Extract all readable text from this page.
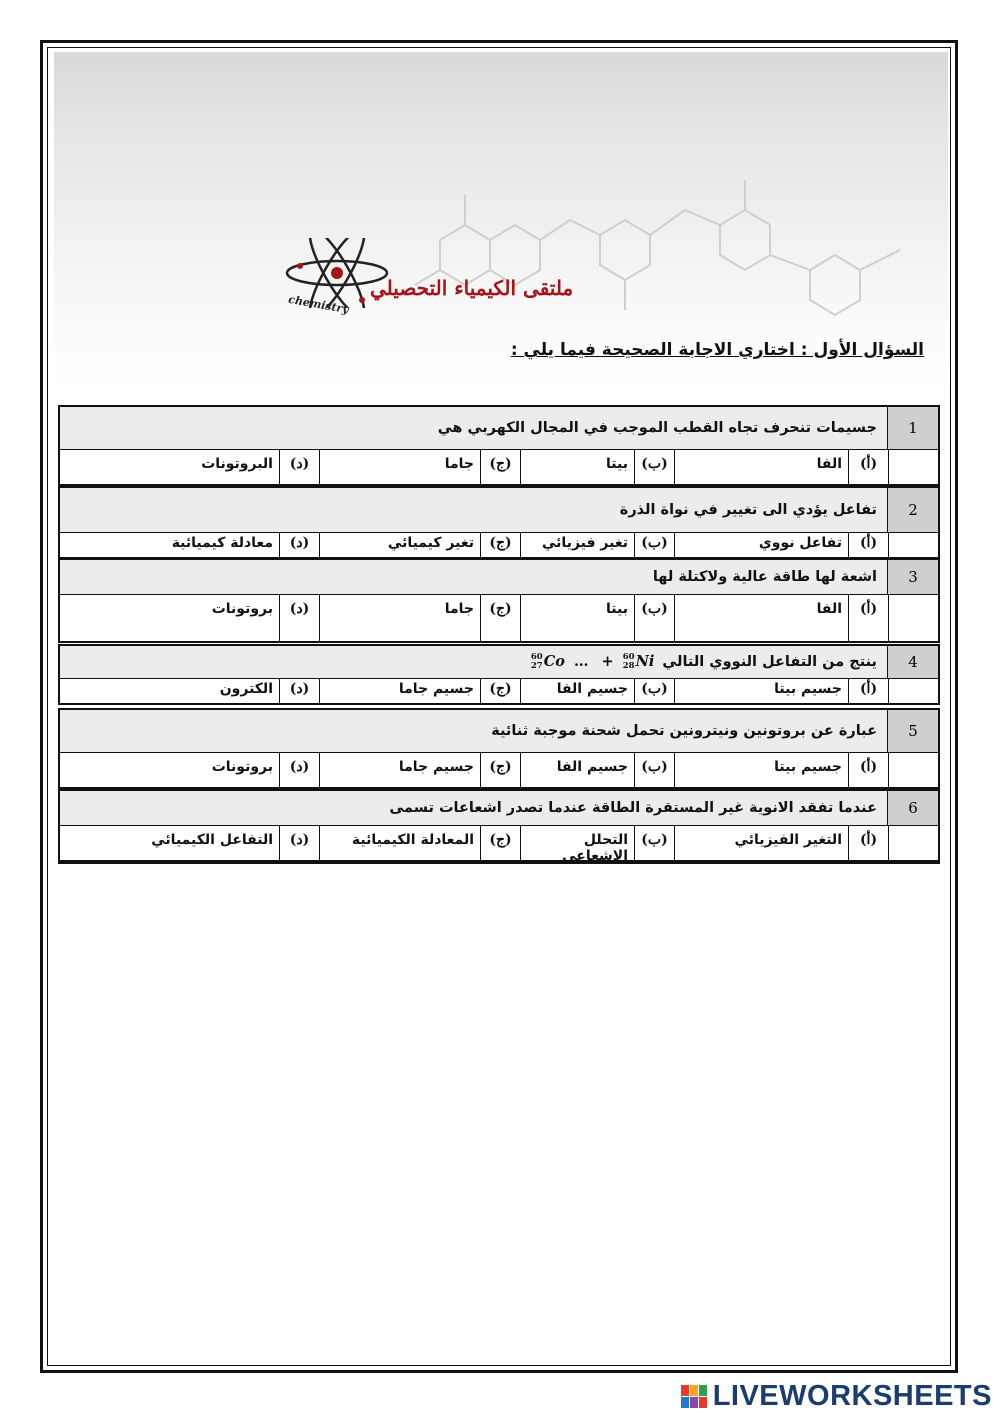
ملتقى الكيمياء التحصيلي
chemistry
السؤال الأول : اختاري الاجابة الصحيحة فيما يلي :
1
جسيمات تنحرف تجاه القطب الموجب في المجال الكهربي هي
(أ)
الفا
(ب)
بيتا
(ج)
جاما
(د)
البروتونات
2
تفاعل يؤدي الى تغيير في نواة الذرة
(أ)
تفاعل نووي
(ب)
تغير فيزيائي
(ج)
تغير كيميائي
(د)
معادلة كيميائية
3
اشعة لها طاقة عالية ولاكتلة لها
(أ)
الفا
(ب)
بيتا
(ج)
جاما
(د)
بروتونات
4
ينتج من التفاعل النووي التالي
60
27 Co … + 60
28 Ni
(أ)
جسيم بيتا
(ب)
جسيم الفا
(ج)
جسيم جاما
(د)
الكترون
5
عبارة عن بروتونين ونيترونين تحمل شحنة موجبة ثنائية
(أ)
جسيم بيتا
(ب)
جسيم الفا
(ج)
جسيم جاما
(د)
بروتونات
6
عندما تفقد الانوية غير المستقرة الطاقة عندما تصدر اشعاعات تسمى
(أ)
التغير الفيزيائي
(ب)
التحلل الاشعاعي
(ج)
المعادلة الكيميائية
(د)
التفاعل الكيميائي
LIVEWORKSHEETS
